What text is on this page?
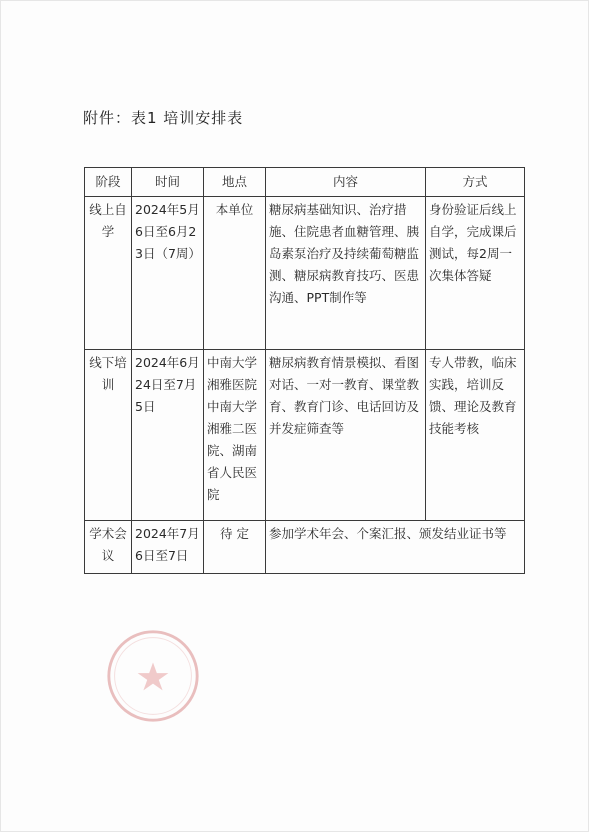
附件：表1 培训安排表
阶段	时间	地点	内容	方式
线上自学	2024年5月6日至6月23日（7周）	本单位	糖尿病基础知识、治疗措施、住院患者血糖管理、胰岛素泵治疗及持续葡萄糖监测、糖尿病教育技巧、医患沟通、PPT制作等	身份验证后线上自学，完成课后测试，每2周一次集体答疑
线下培训	2024年6月24日至7月5日	中南大学湘雅医院中南大学湘雅二医院、湖南省人民医院	糖尿病教育情景模拟、看图对话、一对一教育、课堂教育、教育门诊、电话回访及并发症筛查等	专人带教，临床实践，培训反馈、理论及教育技能考核
学术会议	2024年7月6日至7日	待 定	参加学术年会、个案汇报、颁发结业证书等	
